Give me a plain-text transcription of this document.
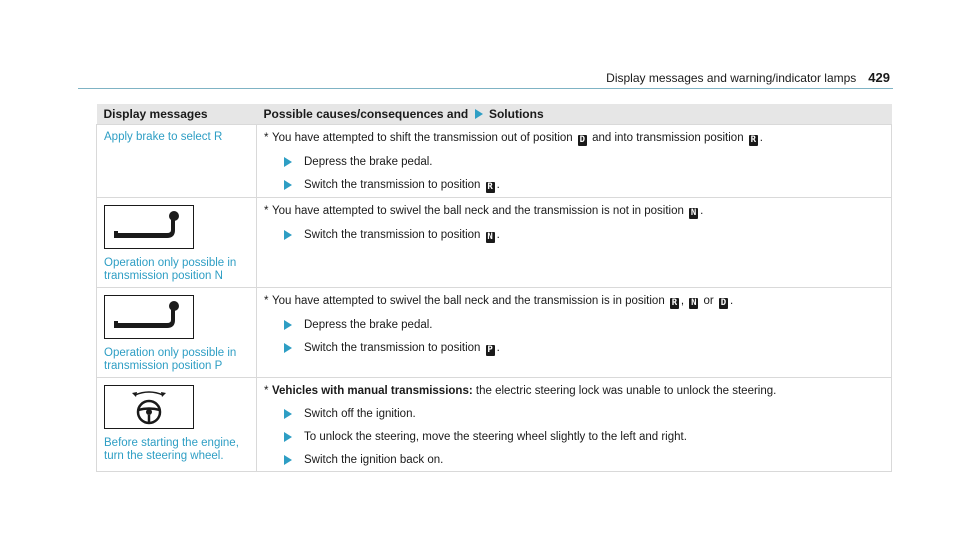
Display messages and warning/indicator lamps 429
Display messages	Possible causes/consequences and Solutions

Apply brake to select R	* You have attempted to shift the transmission out of position D and into transmission position R .
Depress the brake pedal.
Switch the transmission to position R .

Operation only possible in transmission position N	* You have attempted to swivel the ball neck and the transmission is not in position N .
Switch the transmission to position N .

Operation only possible in transmission position P	* You have attempted to swivel the ball neck and the transmission is in position R , N or D .
Depress the brake pedal.
Switch the transmission to position P .

Before starting the engine, turn the steering wheel.	* Vehicles with manual transmissions: the electric steering lock was unable to unlock the steering.
Switch off the ignition.
To unlock the steering, move the steering wheel slightly to the left and right.
Switch the ignition back on.
